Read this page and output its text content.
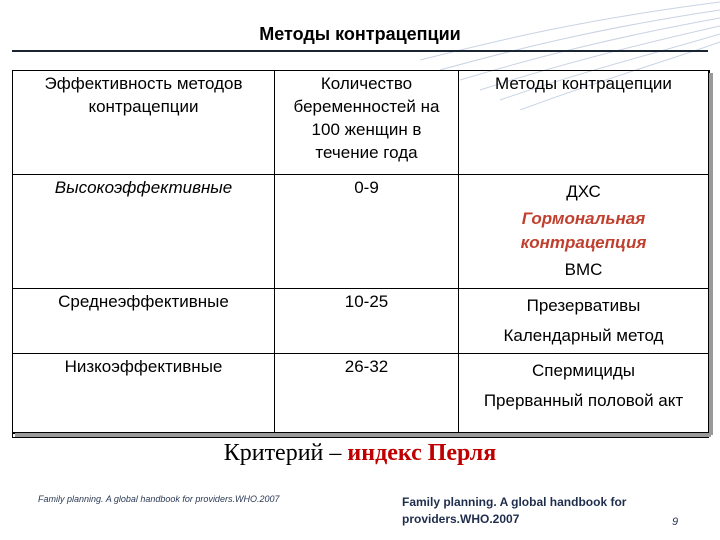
Методы контрацепции
Эффективность методов контрацепции	Количество беременностей на 100 женщин в течение года	Методы контрацепции
Высокоэффективные	0-9	ДХС
Гормональная контрацепция
ВМС

Среднеэффективные	10-25	Презервативы
Календарный метод

Низкоэффективные	26-32	Спермициды
Прерванный половой акт
Критерий – индекс Перля
Family planning. A global handbook for providers.WHO.2007	Family planning. A global handbook for providers.WHO.2007	9
